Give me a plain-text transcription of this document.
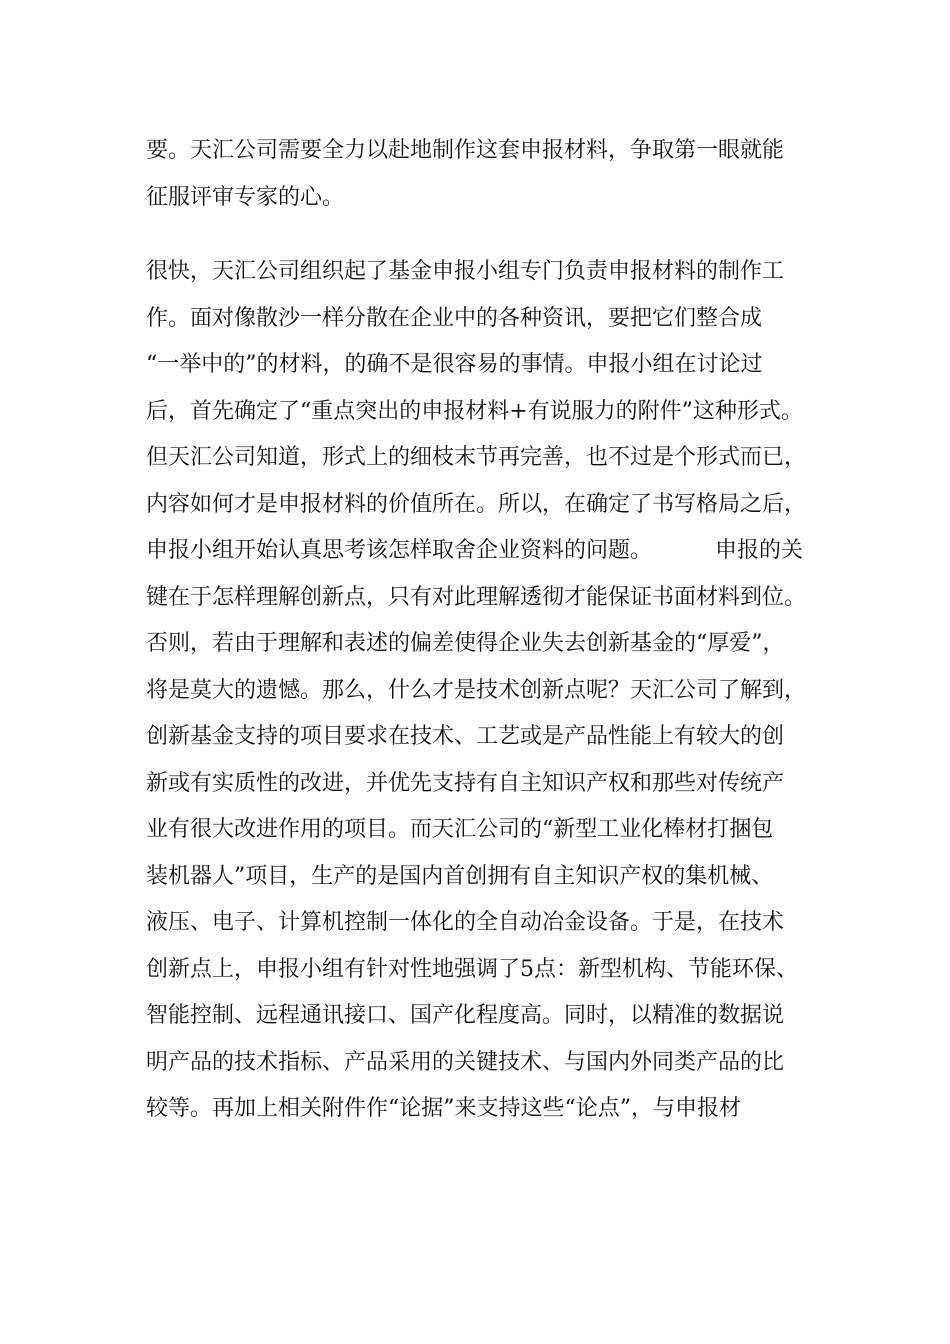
要。天汇公司需要全力以赴地制作这套申报材料，争取第一眼就能
征服评审专家的心。
很快，天汇公司组织起了基金申报小组专门负责申报材料的制作工
作。面对像散沙一样分散在企业中的各种资讯，要把它们整合成
“一举中的”的材料，的确不是很容易的事情。申报小组在讨论过
后，首先确定了“重点突出的申报材料+有说服力的附件”这种形式。
但天汇公司知道，形式上的细枝末节再完善，也不过是个形式而已，
内容如何才是申报材料的价值所在。所以，在确定了书写格局之后，
申报小组开始认真思考该怎样取舍企业资料的问题。         申报的关
键在于怎样理解创新点，只有对此理解透彻才能保证书面材料到位。
否则，若由于理解和表述的偏差使得企业失去创新基金的“厚爱”，
将是莫大的遗憾。那么，什么才是技术创新点呢？天汇公司了解到，
创新基金支持的项目要求在技术、工艺或是产品性能上有较大的创
新或有实质性的改进，并优先支持有自主知识产权和那些对传统产
业有很大改进作用的项目。而天汇公司的“新型工业化棒材打捆包
装机器人”项目，生产的是国内首创拥有自主知识产权的集机械、
液压、电子、计算机控制一体化的全自动冶金设备。于是，在技术
创新点上，申报小组有针对性地强调了5点：新型机构、节能环保、
智能控制、远程通讯接口、国产化程度高。同时，以精准的数据说
明产品的技术指标、产品采用的关键技术、与国内外同类产品的比
较等。再加上相关附件作“论据”来支持这些“论点”，与申报材
